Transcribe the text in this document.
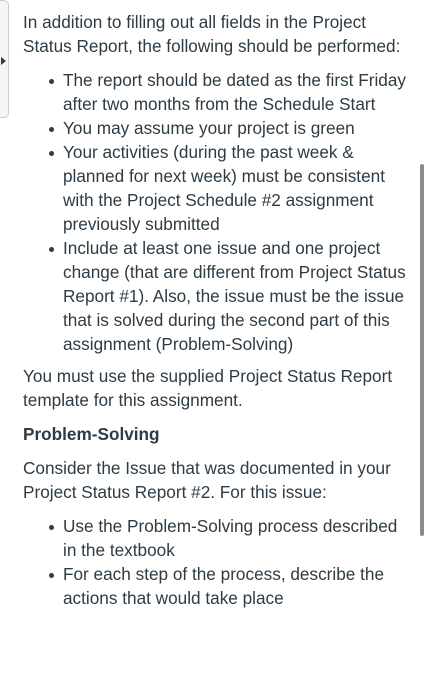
In addition to filling out all fields in the Project Status Report, the following should be performed:

The report should be dated as the first Friday after two months from the Schedule Start
You may assume your project is green
Your activities (during the past week & planned for next week) must be consistent with the Project Schedule #2 assignment previously submitted
Include at least one issue and one project change (that are different from Project Status Report #1). Also, the issue must be the issue that is solved during the second part of this assignment (Problem-Solving)

You must use the supplied Project Status Report template for this assignment.

Problem-Solving

Consider the Issue that was documented in your Project Status Report #2. For this issue:

Use the Problem-Solving process described in the textbook
For each step of the process, describe the actions that would take place
